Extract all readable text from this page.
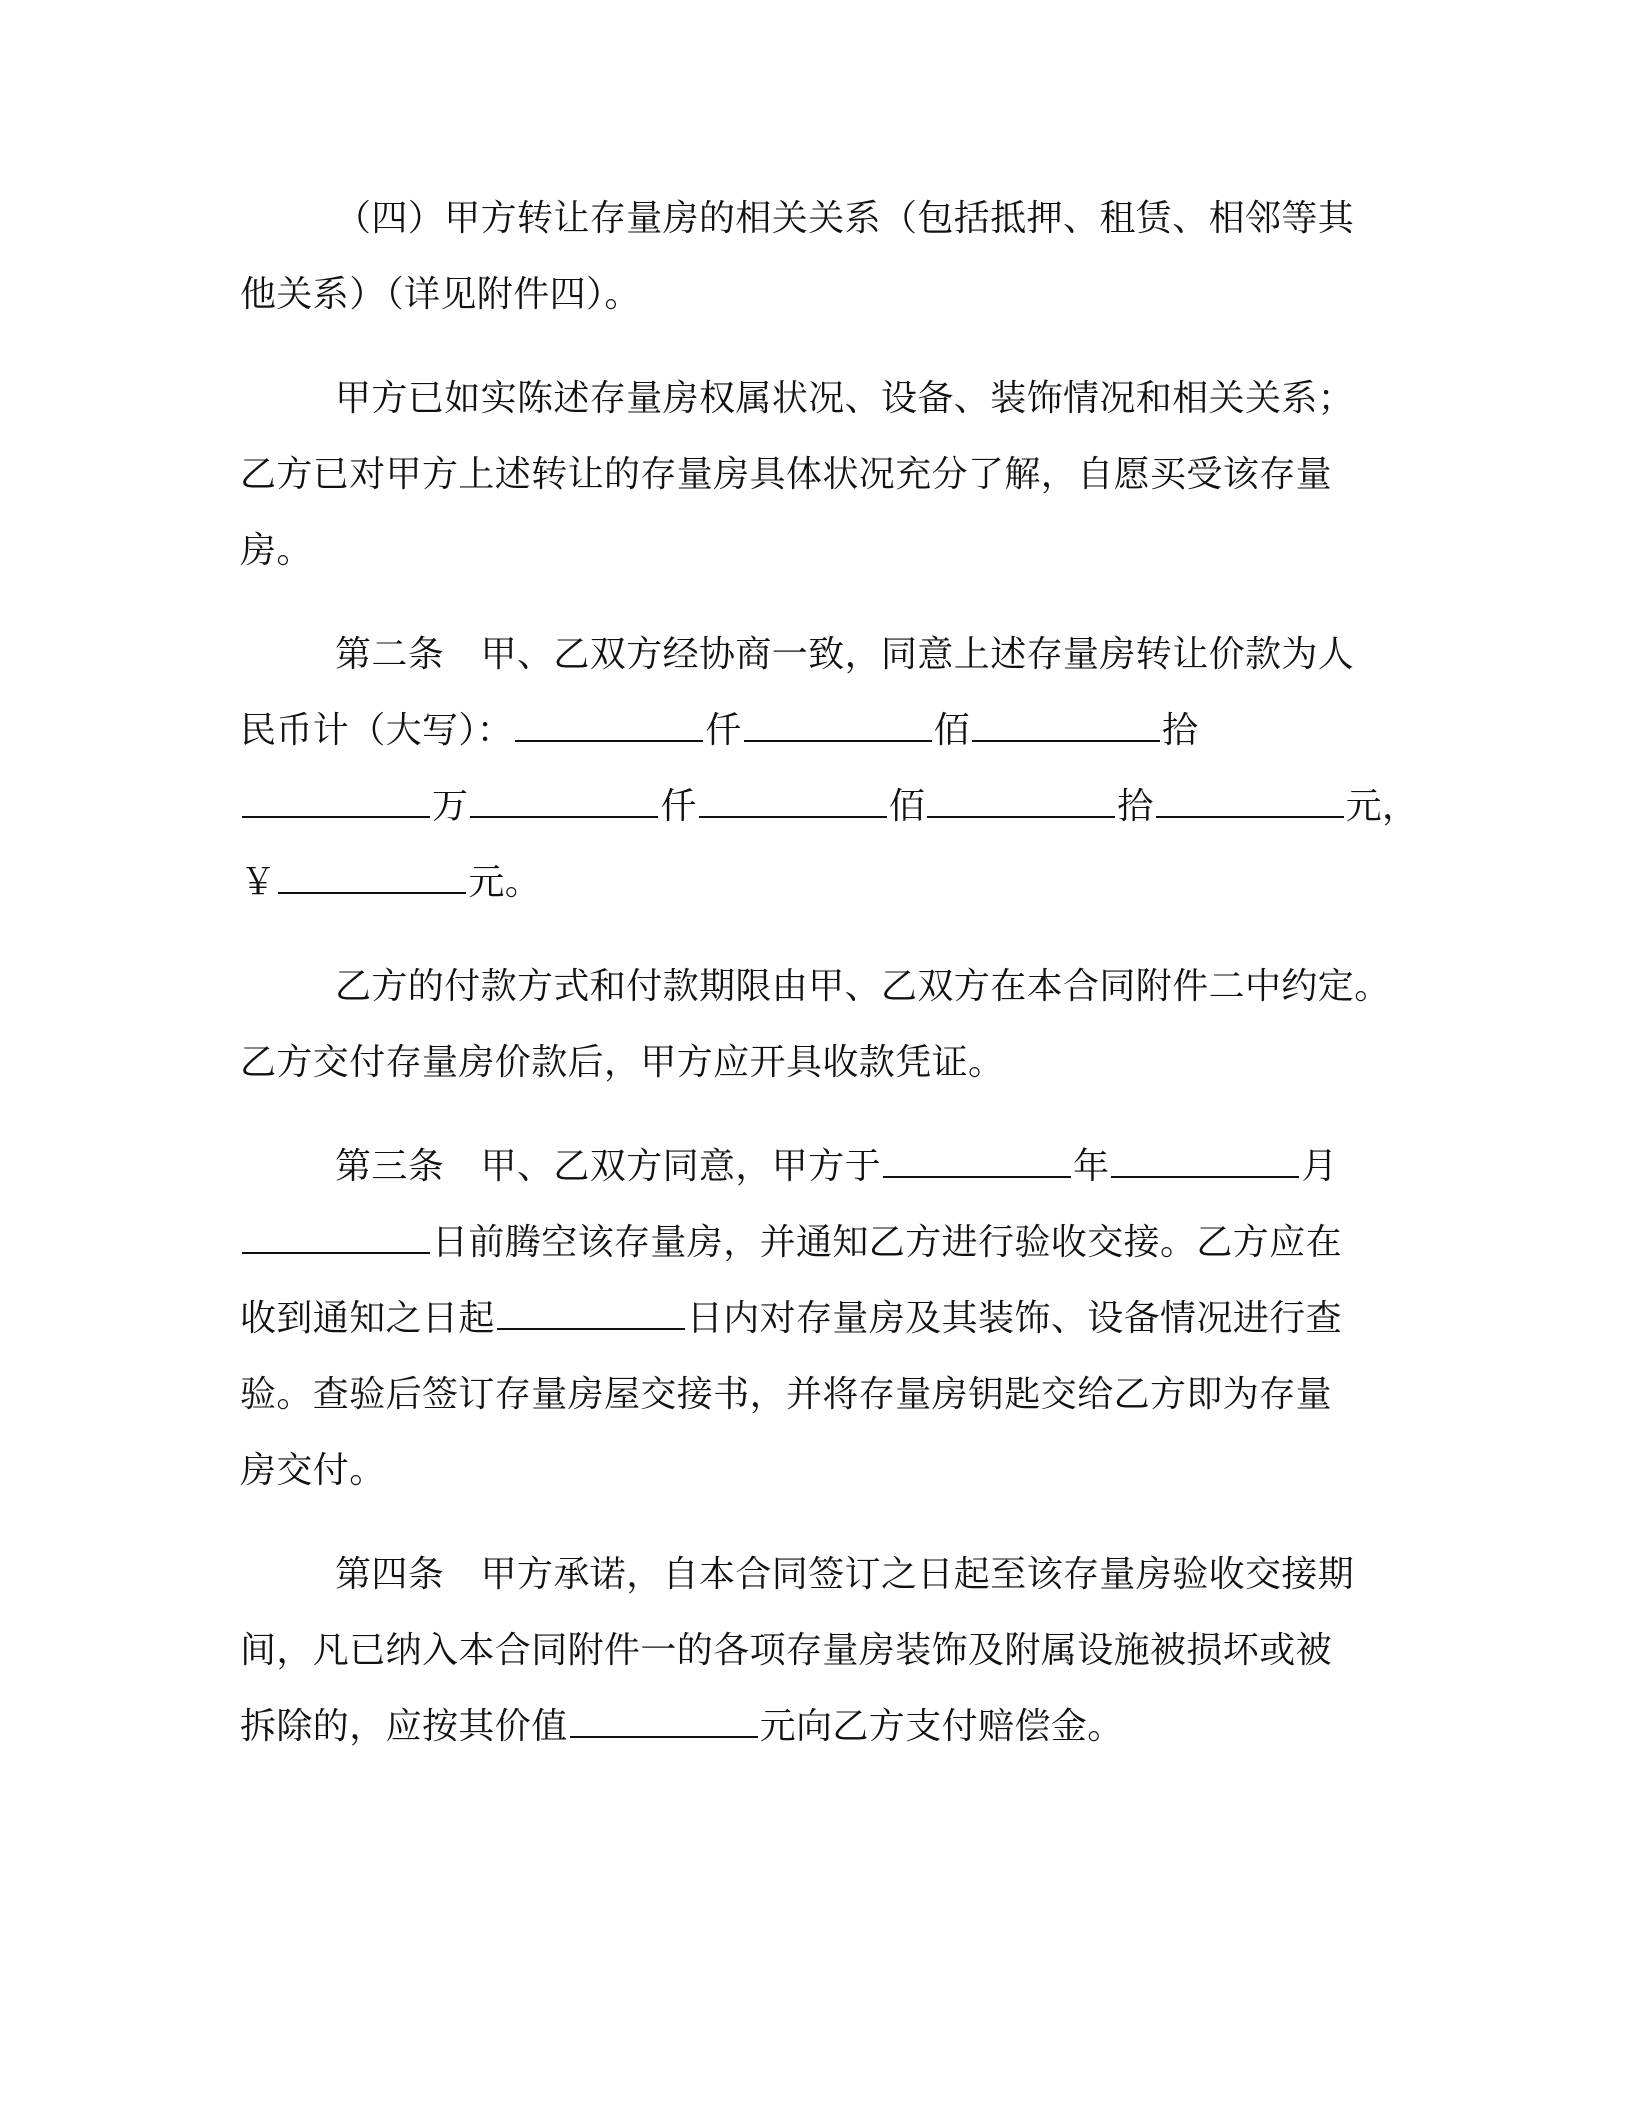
（四）甲方转让存量房的相关关系（包括抵押、租赁、相邻等其
他关系）（详见附件四）。
甲方已如实陈述存量房权属状况、设备、装饰情况和相关关系；
乙方已对甲方上述转让的存量房具体状况充分了解，自愿买受该存量
房。
第二条　甲、乙双方经协商一致，同意上述存量房转让价款为人
民币计（大写）：	仟	佰	拾
万	仟	佰	拾	元，
￥	元。
乙方的付款方式和付款期限由甲、乙双方在本合同附件二中约定。
乙方交付存量房价款后，甲方应开具收款凭证。
第三条　甲、乙双方同意，甲方于	年	月
日前腾空该存量房，并通知乙方进行验收交接。乙方应在
收到通知之日起	日内对存量房及其装饰、设备情况进行查
验。查验后签订存量房屋交接书，并将存量房钥匙交给乙方即为存量
房交付。
第四条　甲方承诺，自本合同签订之日起至该存量房验收交接期
间，凡已纳入本合同附件一的各项存量房装饰及附属设施被损坏或被
拆除的，应按其价值	元向乙方支付赔偿金。
